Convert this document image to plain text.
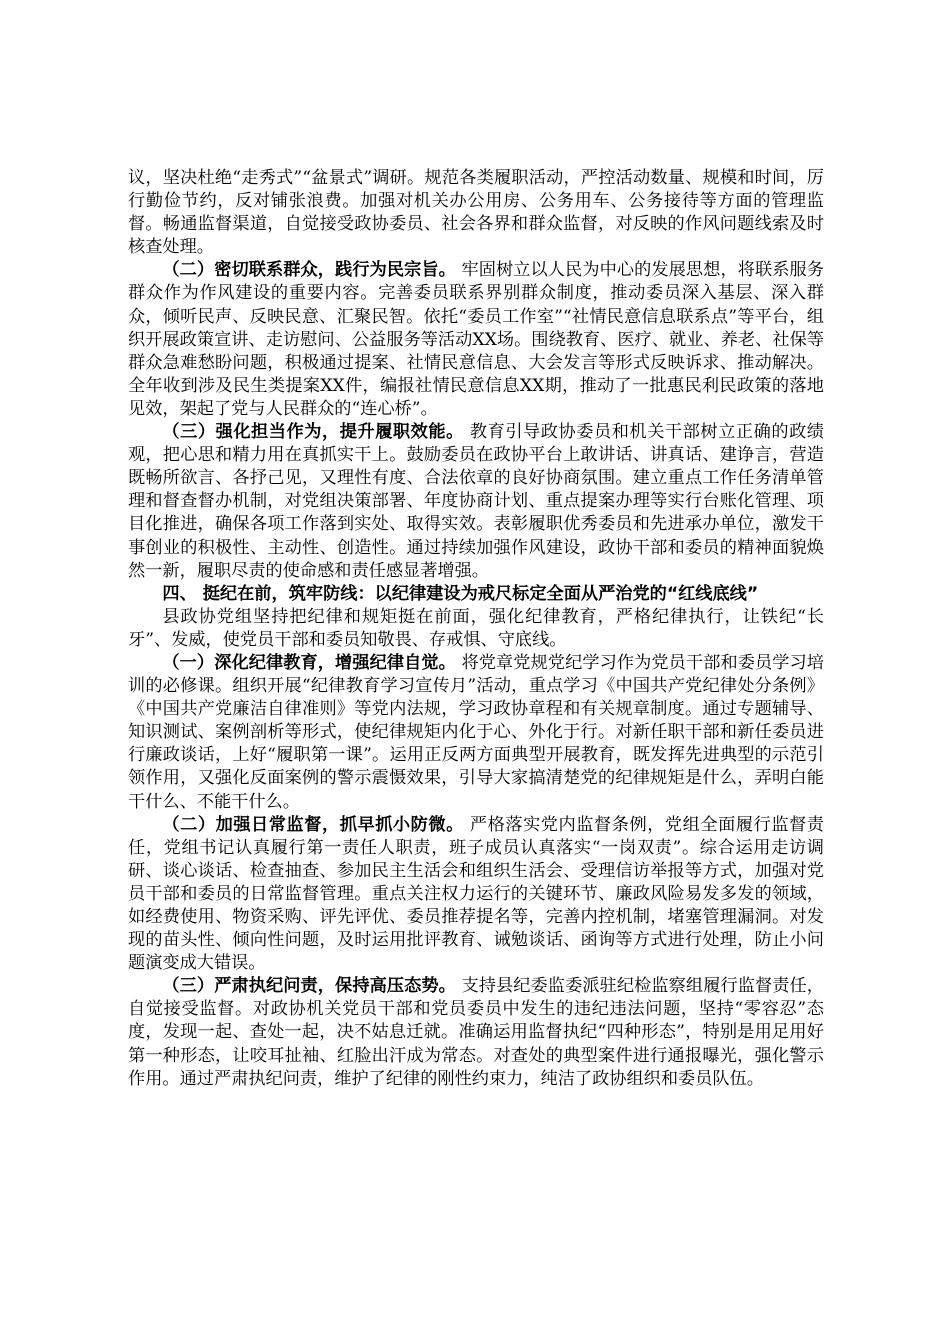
议，坚决杜绝“走秀式”“盆景式”调研。规范各类履职活动，严控活动数量、规模和时间，厉行勤俭节约，反对铺张浪费。加强对机关办公用房、公务用车、公务接待等方面的管理监督。畅通监督渠道，自觉接受政协委员、社会各界和群众监督，对反映的作风问题线索及时核查处理。

（二）密切联系群众，践行为民宗旨。 牢固树立以人民为中心的发展思想，将联系服务群众作为作风建设的重要内容。完善委员联系界别群众制度，推动委员深入基层、深入群众，倾听民声、反映民意、汇聚民智。依托“委员工作室”“社情民意信息联系点”等平台，组织开展政策宣讲、走访慰问、公益服务等活动XX场。围绕教育、医疗、就业、养老、社保等群众急难愁盼问题，积极通过提案、社情民意信息、大会发言等形式反映诉求、推动解决。全年收到涉及民生类提案XX件，编报社情民意信息XX期，推动了一批惠民利民政策的落地见效，架起了党与人民群众的“连心桥”。

（三）强化担当作为，提升履职效能。 教育引导政协委员和机关干部树立正确的政绩观，把心思和精力用在真抓实干上。鼓励委员在政协平台上敢讲话、讲真话、建诤言，营造既畅所欲言、各抒己见，又理性有度、合法依章的良好协商氛围。建立重点工作任务清单管理和督查督办机制，对党组决策部署、年度协商计划、重点提案办理等实行台账化管理、项目化推进，确保各项工作落到实处、取得实效。表彰履职优秀委员和先进承办单位，激发干事创业的积极性、主动性、创造性。通过持续加强作风建设，政协干部和委员的精神面貌焕然一新，履职尽责的使命感和责任感显著增强。

四、 挺纪在前，筑牢防线：以纪律建设为戒尺标定全面从严治党的“红线底线”

县政协党组坚持把纪律和规矩挺在前面，强化纪律教育，严格纪律执行，让铁纪“长牙”、发威，使党员干部和委员知敬畏、存戒惧、守底线。

（一）深化纪律教育，增强纪律自觉。 将党章党规党纪学习作为党员干部和委员学习培训的必修课。组织开展“纪律教育学习宣传月”活动，重点学习《中国共产党纪律处分条例》《中国共产党廉洁自律准则》等党内法规，学习政协章程和有关规章制度。通过专题辅导、知识测试、案例剖析等形式，使纪律规矩内化于心、外化于行。对新任职干部和新任委员进行廉政谈话，上好“履职第一课”。运用正反两方面典型开展教育，既发挥先进典型的示范引领作用，又强化反面案例的警示震慑效果，引导大家搞清楚党的纪律规矩是什么，弄明白能干什么、不能干什么。

（二）加强日常监督，抓早抓小防微。 严格落实党内监督条例，党组全面履行监督责任，党组书记认真履行第一责任人职责，班子成员认真落实“一岗双责”。综合运用走访调研、谈心谈话、检查抽查、参加民主生活会和组织生活会、受理信访举报等方式，加强对党员干部和委员的日常监督管理。重点关注权力运行的关键环节、廉政风险易发多发的领域，如经费使用、物资采购、评先评优、委员推荐提名等，完善内控机制，堵塞管理漏洞。对发现的苗头性、倾向性问题，及时运用批评教育、诫勉谈话、函询等方式进行处理，防止小问题演变成大错误。

（三）严肃执纪问责，保持高压态势。 支持县纪委监委派驻纪检监察组履行监督责任，自觉接受监督。对政协机关党员干部和党员委员中发生的违纪违法问题，坚持“零容忍”态度，发现一起、查处一起，决不姑息迁就。准确运用监督执纪“四种形态”，特别是用足用好第一种形态，让咬耳扯袖、红脸出汗成为常态。对查处的典型案件进行通报曝光，强化警示作用。通过严肃执纪问责，维护了纪律的刚性约束力，纯洁了政协组织和委员队伍。
